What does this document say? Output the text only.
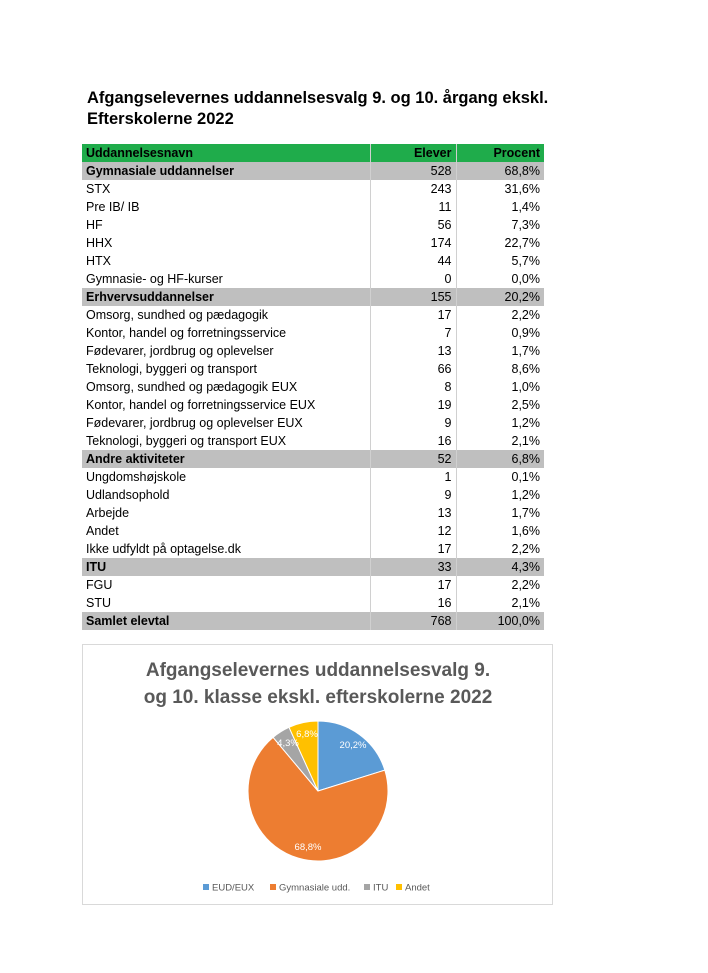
Afgangselevernes uddannelsesvalg 9. og 10. årgang ekskl. Efterskolerne 2022
Uddannelsesnavn	Elever	Procent
Gymnasiale uddannelser	528	68,8%
STX	243	31,6%
Pre IB/ IB	11	1,4%
HF	56	7,3%
HHX	174	22,7%
HTX	44	5,7%
Gymnasie- og HF-kurser	0	0,0%
Erhvervsuddannelser	155	20,2%
Omsorg, sundhed og pædagogik	17	2,2%
Kontor, handel og forretningsservice	7	0,9%
Fødevarer, jordbrug og oplevelser	13	1,7%
Teknologi, byggeri og transport	66	8,6%
Omsorg, sundhed og pædagogik EUX	8	1,0%
Kontor, handel og forretningsservice EUX	19	2,5%
Fødevarer, jordbrug og oplevelser EUX	9	1,2%
Teknologi, byggeri og transport EUX	16	2,1%
Andre aktiviteter	52	6,8%
Ungdomshøjskole	1	0,1%
Udlandsophold	9	1,2%
Arbejde	13	1,7%
Andet	12	1,6%
Ikke udfyldt på optagelse.dk	17	2,2%
ITU	33	4,3%
FGU	17	2,2%
STU	16	2,1%
Samlet elevtal	768	100,0%
Afgangselevernes uddannelsesvalg 9.
og 10. klasse ekskl. efterskolerne 2022
20,2%
68,8%
4,3%
6,8%
EUD/EUX	Gymnasiale udd. ITU Andet
